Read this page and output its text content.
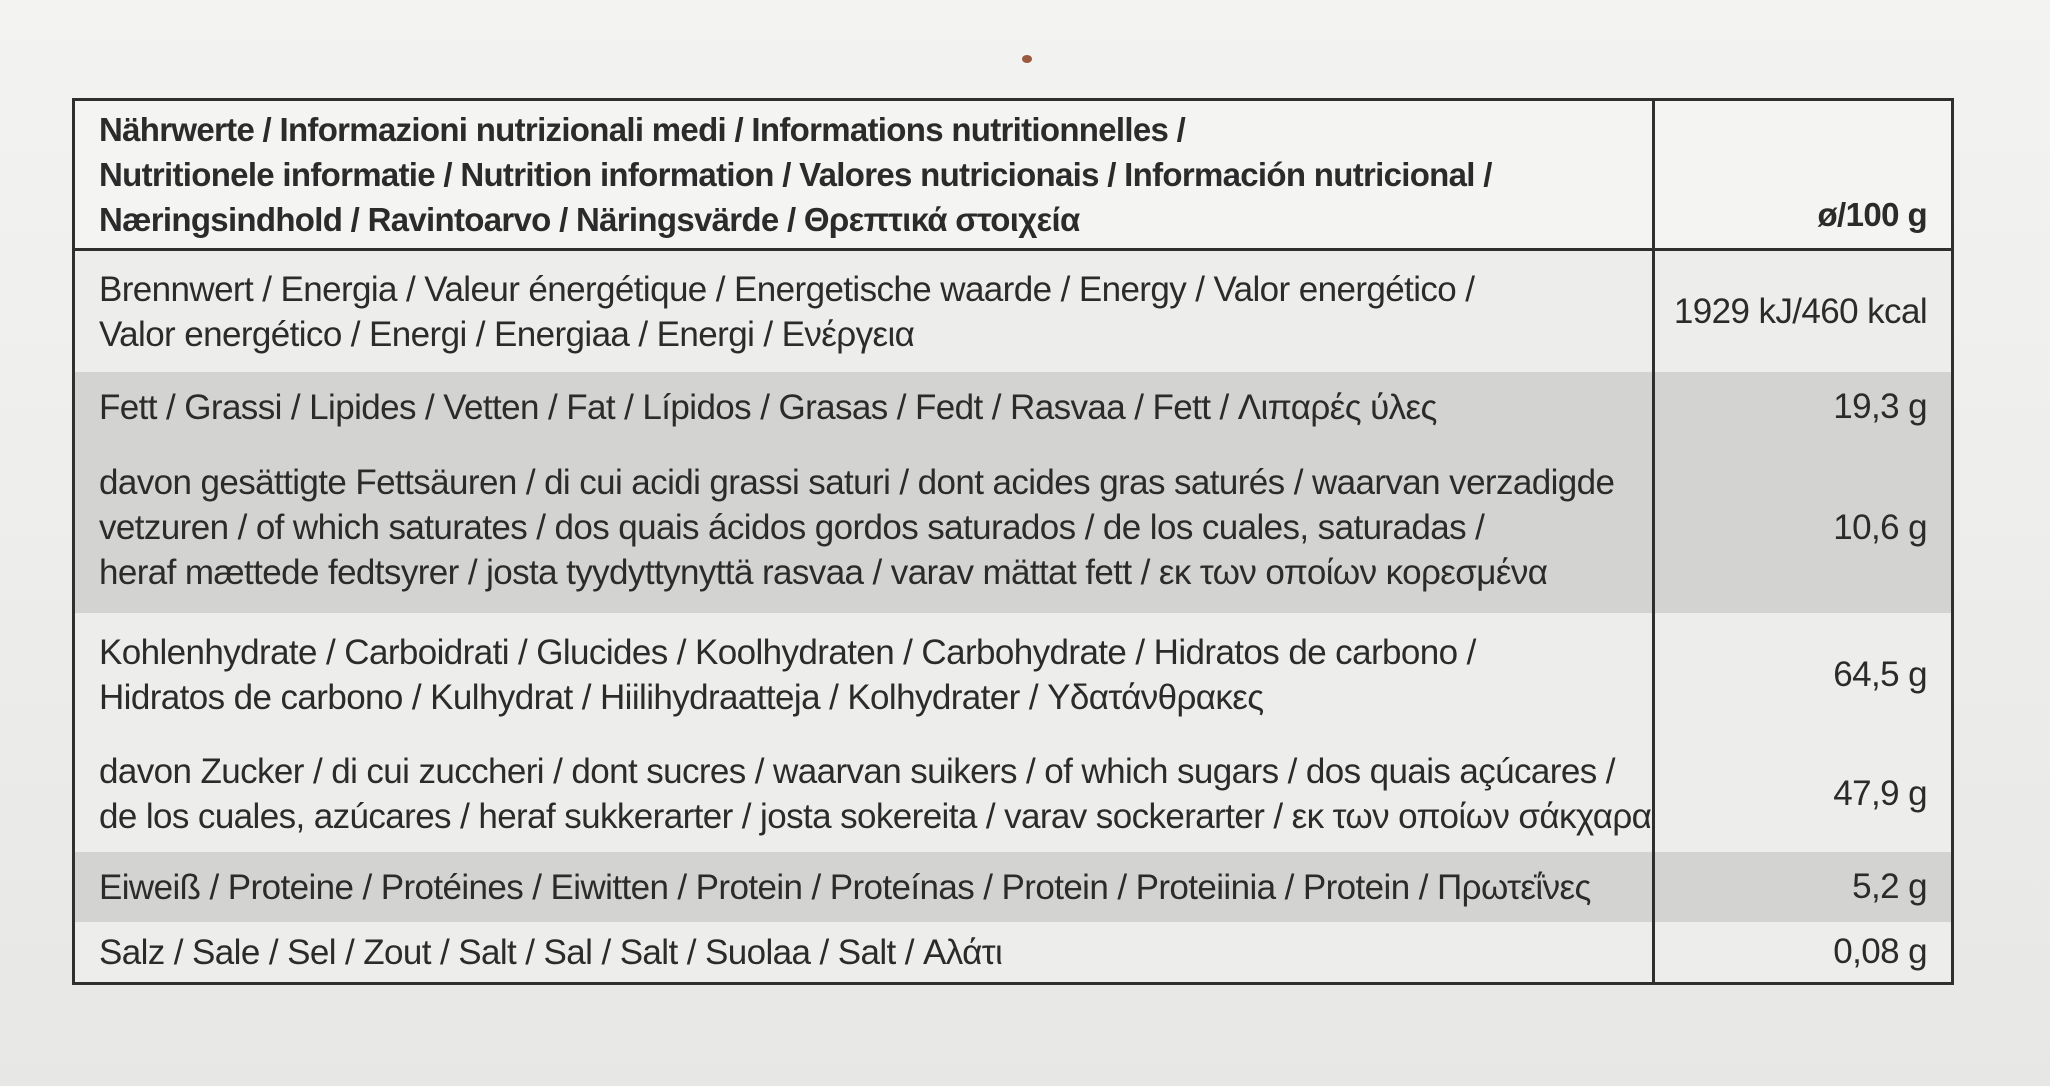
Nährwerte / Informazioni nutrizionali medi / Informations nutritionnelles /
Nutritionele informatie / Nutrition information / Valores nutricionais / Información nutricional /
Næringsindhold / Ravintoarvo / Näringsvärde / Θρεπτικά στοιχεία	ø/100 g
Brennwert / Energia / Valeur énergétique / Energetische waarde / Energy / Valor energético /
Valor energético / Energi / Energiaa / Energi / Ενέργεια
1929 kJ/460 kcal
Fett / Grassi / Lipides / Vetten / Fat / Lípidos / Grasas / Fedt / Rasvaa / Fett / Λιπαρές ύλες	19,3 g
davon gesättigte Fettsäuren / di cui acidi grassi saturi / dont acides gras saturés / waarvan verzadigde
vetzuren / of which saturates / dos quais ácidos gordos saturados / de los cuales, saturadas /
heraf mættede fedtsyrer / josta tyydyttynyttä rasvaa / varav mättat fett / εκ των οποίων κορεσμένα
10,6 g
Kohlenhydrate / Carboidrati / Glucides / Koolhydraten / Carbohydrate / Hidratos de carbono /
Hidratos de carbono / Kulhydrat / Hiilihydraatteja / Kolhydrater / Υδατάνθρακες
64,5 g
davon Zucker / di cui zuccheri / dont sucres / waarvan suikers / of which sugars / dos quais açúcares /
de los cuales, azúcares / heraf sukkerarter / josta sokereita / varav sockerarter / εκ των οποίων σάκχαρα
47,9 g
Eiweiß / Proteine / Protéines / Eiwitten / Protein / Proteínas / Protein / Proteiinia / Protein / Πρωτεΐνες	5,2 g
Salz / Sale / Sel / Zout / Salt / Sal / Salt / Suolaa / Salt / Αλάτι	0,08 g
